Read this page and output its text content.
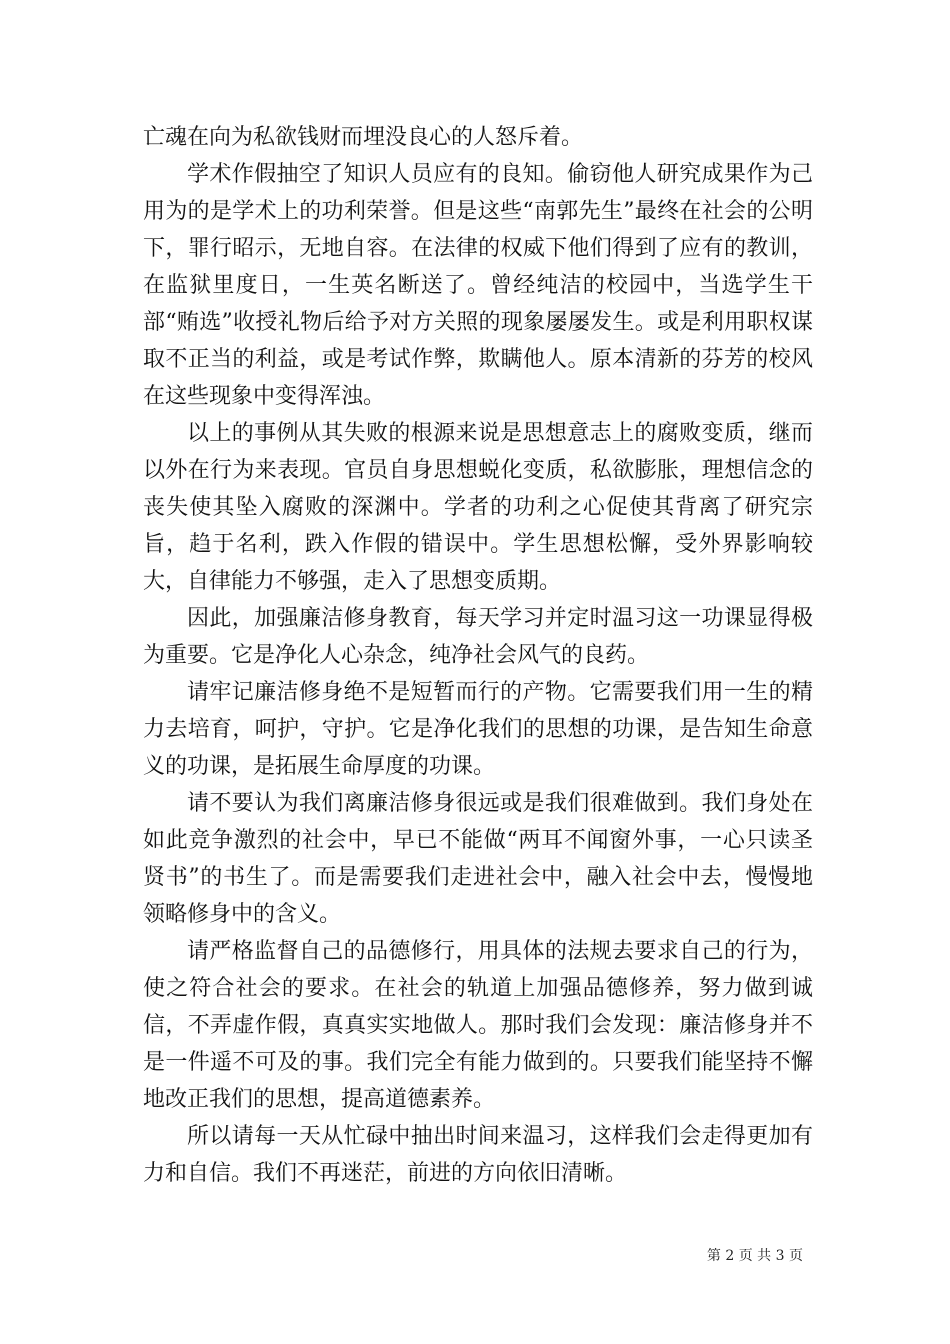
亡魂在向为私欲钱财而埋没良心的人怒斥着。

学术作假抽空了知识人员应有的良知。偷窃他人研究成果作为己用为的是学术上的功利荣誉。但是这些“南郭先生”最终在社会的公明下，罪行昭示，无地自容。在法律的权威下他们得到了应有的教训，在监狱里度日，一生英名断送了。曾经纯洁的校园中，当选学生干部“贿选”收授礼物后给予对方关照的现象屡屡发生。或是利用职权谋取不正当的利益，或是考试作弊，欺瞒他人。原本清新的芬芳的校风在这些现象中变得浑浊。

以上的事例从其失败的根源来说是思想意志上的腐败变质，继而以外在行为来表现。官员自身思想蜕化变质，私欲膨胀，理想信念的丧失使其坠入腐败的深渊中。学者的功利之心促使其背离了研究宗旨，趋于名利，跌入作假的错误中。学生思想松懈，受外界影响较大，自律能力不够强，走入了思想变质期。

因此，加强廉洁修身教育，每天学习并定时温习这一功课显得极为重要。它是净化人心杂念，纯净社会风气的良药。

请牢记廉洁修身绝不是短暂而行的产物。它需要我们用一生的精力去培育，呵护，守护。它是净化我们的思想的功课，是告知生命意义的功课，是拓展生命厚度的功课。

请不要认为我们离廉洁修身很远或是我们很难做到。我们身处在如此竞争激烈的社会中，早已不能做“两耳不闻窗外事，一心只读圣贤书”的书生了。而是需要我们走进社会中，融入社会中去，慢慢地领略修身中的含义。

请严格监督自己的品德修行，用具体的法规去要求自己的行为，使之符合社会的要求。在社会的轨道上加强品德修养，努力做到诚信，不弄虚作假，真真实实地做人。那时我们会发现：廉洁修身并不是一件遥不可及的事。我们完全有能力做到的。只要我们能坚持不懈地改正我们的思想，提高道德素养。

所以请每一天从忙碌中抽出时间来温习，这样我们会走得更加有力和自信。我们不再迷茫，前进的方向依旧清晰。

第 2 页 共 3 页
